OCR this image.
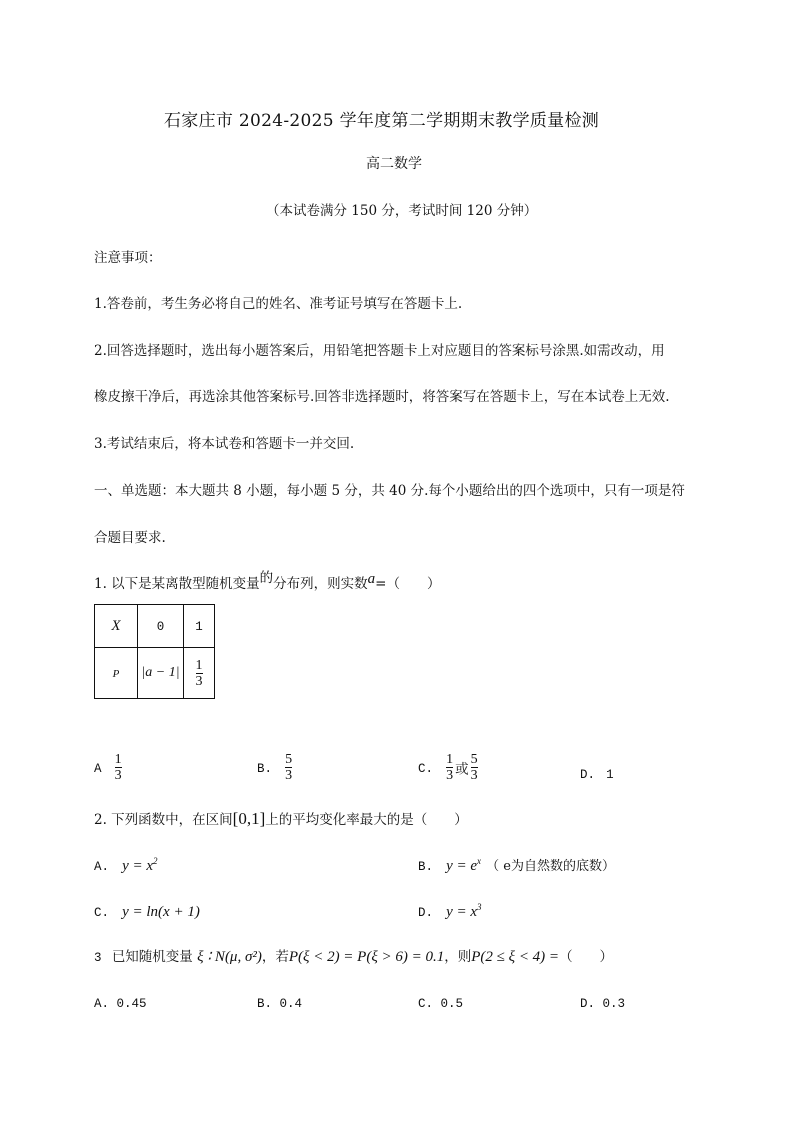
石家庄市 2024-2025 学年度第二学期期末教学质量检测
高二数学
（本试卷满分 150 分，考试时间 120 分钟）
注意事项：
1.答卷前，考生务必将自己的姓名、准考证号填写在答题卡上.
2.回答选择题时，选出每小题答案后，用铅笔把答题卡上对应题目的答案标号涂黑.如需改动，用
橡皮擦干净后，再选涂其他答案标号.回答非选择题时，将答案写在答题卡上，写在本试卷上无效.
3.考试结束后，将本试卷和答题卡一并交回.
一、单选题：本大题共 8 小题，每小题 5 分，共 40 分.每个小题给出的四个选项中，只有一项是符
合题目要求.
1. 以下是某离散型随机变量的分布列，则实数a=（　　）
X	0	1
P	|a − 1|	$\frac{1}{3}$
A $\frac{1}{3}$	B. $\frac{5}{3}$	C. $\frac{1}{3}$ 或 $\frac{5}{3}$	D. 1
2. 下列函数中，在区间[0,1]上的平均变化率最大的是（　　）
A. $y = x^2$	B. $y = e^x$ （ e为自然数的底数）
C. y = ln(x + 1)	D. $y = x^3$
3 已知随机变量 ξ ∶ N(μ, σ²)，若P(ξ < 2) = P(ξ > 6) = 0.1，则P(2 ≤ ξ < 4) =（　　）
A. 0.45	B. 0.4	C. 0.5	D. 0.3
